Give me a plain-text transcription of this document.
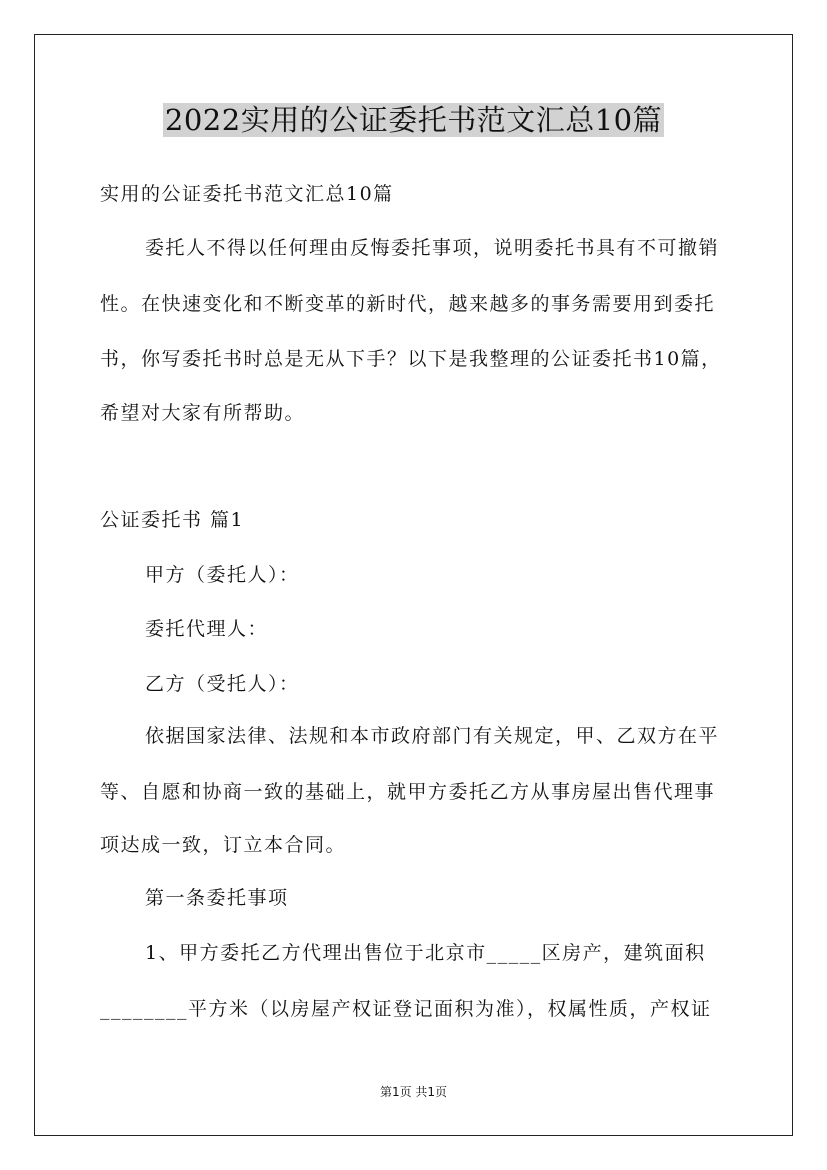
2022实用的公证委托书范文汇总10篇
实用的公证委托书范文汇总10篇
委托人不得以任何理由反悔委托事项，说明委托书具有不可撤销
性。在快速变化和不断变革的新时代，越来越多的事务需要用到委托
书，你写委托书时总是无从下手？以下是我整理的公证委托书10篇，
希望对大家有所帮助。
公证委托书 篇1
甲方（委托人）：
委托代理人：
乙方（受托人）：
依据国家法律、法规和本市政府部门有关规定，甲、乙双方在平
等、自愿和协商一致的基础上，就甲方委托乙方从事房屋出售代理事
项达成一致，订立本合同。
第一条委托事项
1、甲方委托乙方代理出售位于北京市_____区房产，建筑面积
________平方米（以房屋产权证登记面积为准），权属性质，产权证
第1页 共1页
